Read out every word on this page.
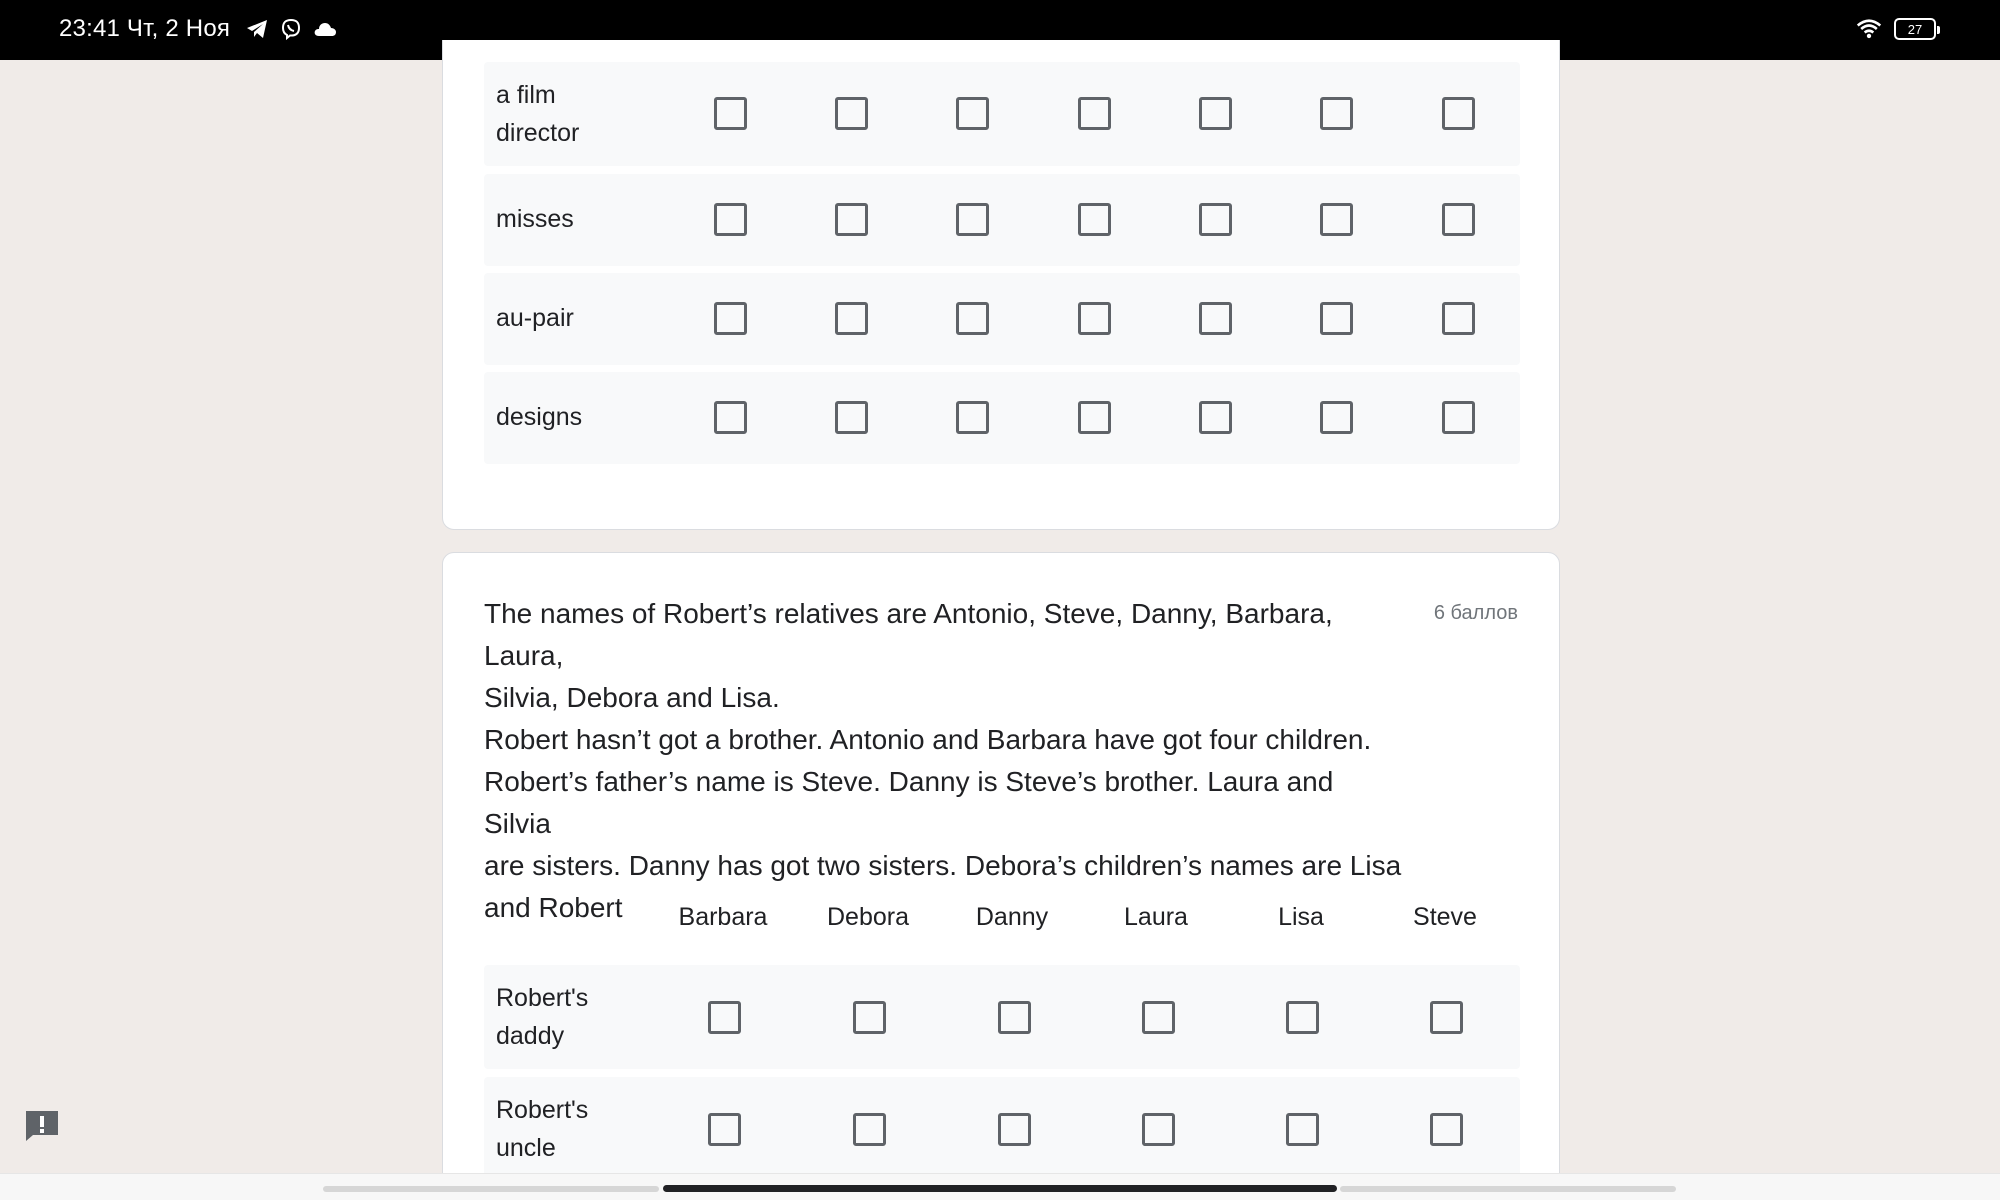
23:41 Чт, 2 Ноя	27
a film director
misses
au-pair
designs
The names of Robert’s relatives are Antonio, Steve, Danny, Barbara, Laura,
Silvia, Debora and Lisa.
Robert hasn’t got a brother. Antonio and Barbara have got four children.
Robert’s father’s name is Steve. Danny is Steve’s brother. Laura and Silvia
are sisters. Danny has got two sisters. Debora’s children’s names are Lisa
and Robert
6 баллов
Barbara	Debora	Danny	Laura	Lisa	Steve
Robert's daddy
Robert's uncle
